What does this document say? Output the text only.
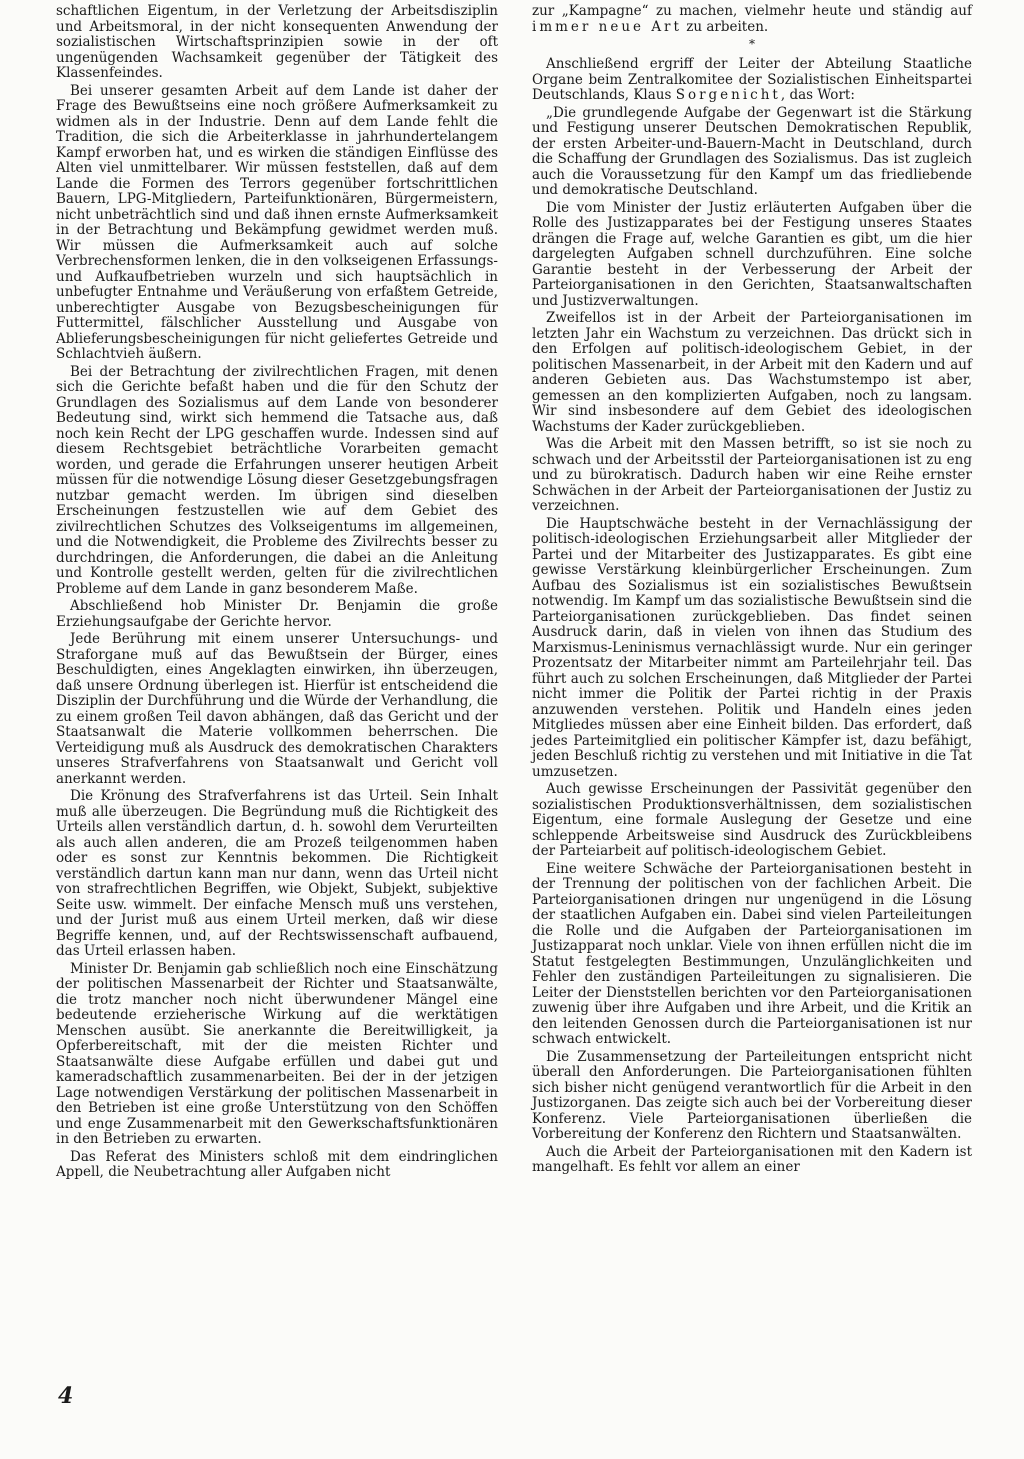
schaftlichen Eigentum, in der Verletzung der Arbeitsdisziplin und Arbeitsmoral, in der nicht konsequenten Anwendung der sozialistischen Wirtschaftsprinzipien sowie in der oft ungenügenden Wachsamkeit gegenüber der Tätigkeit des Klassenfeindes.

Bei unserer gesamten Arbeit auf dem Lande ist daher der Frage des Bewußtseins eine noch größere Aufmerksamkeit zu widmen als in der Industrie. Denn auf dem Lande fehlt die Tradition, die sich die Arbeiterklasse in jahrhundertelangem Kampf erworben hat, und es wirken die ständigen Einflüsse des Alten viel unmittelbarer. Wir müssen feststellen, daß auf dem Lande die Formen des Terrors gegenüber fortschrittlichen Bauern, LPG-Mitgliedern, Parteifunktionären, Bürgermeistern, nicht unbeträchtlich sind und daß ihnen ernste Aufmerksamkeit in der Betrachtung und Bekämpfung gewidmet werden muß. Wir müssen die Aufmerksamkeit auch auf solche Verbrechensformen lenken, die in den volkseigenen Erfassungs- und Aufkaufbetrieben wurzeln und sich hauptsächlich in unbefugter Entnahme und Veräußerung von erfaßtem Getreide, unberechtigter Ausgabe von Bezugsbescheinigungen für Futtermittel, fälschlicher Ausstellung und Ausgabe von Ablieferungsbescheinigungen für nicht geliefertes Getreide und Schlachtvieh äußern.

Bei der Betrachtung der zivilrechtlichen Fragen, mit denen sich die Gerichte befaßt haben und die für den Schutz der Grundlagen des Sozialismus auf dem Lande von besonderer Bedeutung sind, wirkt sich hemmend die Tatsache aus, daß noch kein Recht der LPG geschaffen wurde. Indessen sind auf diesem Rechtsgebiet beträchtliche Vorarbeiten gemacht worden, und gerade die Erfahrungen unserer heutigen Arbeit müssen für die notwendige Lösung dieser Gesetzgebungsfragen nutzbar gemacht werden. Im übrigen sind dieselben Erscheinungen festzustellen wie auf dem Gebiet des zivilrechtlichen Schutzes des Volkseigentums im allgemeinen, und die Notwendigkeit, die Probleme des Zivilrechts besser zu durchdringen, die Anforderungen, die dabei an die Anleitung und Kontrolle gestellt werden, gelten für die zivilrechtlichen Probleme auf dem Lande in ganz besonderem Maße.

Abschließend hob Minister Dr. Benjamin die große Erziehungsaufgabe der Gerichte hervor.

Jede Berührung mit einem unserer Untersuchungs- und Straforgane muß auf das Bewußtsein der Bürger, eines Beschuldigten, eines Angeklagten einwirken, ihn überzeugen, daß unsere Ordnung überlegen ist. Hierfür ist entscheidend die Disziplin der Durchführung und die Würde der Verhandlung, die zu einem großen Teil davon abhängen, daß das Gericht und der Staatsanwalt die Materie vollkommen beherrschen. Die Verteidigung muß als Ausdruck des demokratischen Charakters unseres Strafverfahrens von Staatsanwalt und Gericht voll anerkannt werden.

Die Krönung des Strafverfahrens ist das Urteil. Sein Inhalt muß alle überzeugen. Die Begründung muß die Richtigkeit des Urteils allen verständlich dartun, d. h. sowohl dem Verurteilten als auch allen anderen, die am Prozeß teilgenommen haben oder es sonst zur Kenntnis bekommen. Die Richtigkeit verständlich dartun kann man nur dann, wenn das Urteil nicht von strafrechtlichen Begriffen, wie Objekt, Subjekt, subjektive Seite usw. wimmelt. Der einfache Mensch muß uns verstehen, und der Jurist muß aus einem Urteil merken, daß wir diese Begriffe kennen, und, auf der Rechtswissenschaft aufbauend, das Urteil erlassen haben.

Minister Dr. Benjamin gab schließlich noch eine Einschätzung der politischen Massenarbeit der Richter und Staatsanwälte, die trotz mancher noch nicht überwundener Mängel eine bedeutende erzieherische Wirkung auf die werktätigen Menschen ausübt. Sie anerkannte die Bereitwilligkeit, ja Opferbereitschaft, mit der die meisten Richter und Staatsanwälte diese Aufgabe erfüllen und dabei gut und kameradschaftlich zusammenarbeiten. Bei der in der jetzigen Lage notwendigen Verstärkung der politischen Massenarbeit in den Betrieben ist eine große Unterstützung von den Schöffen und enge Zusammenarbeit mit den Gewerkschaftsfunktionären in den Betrieben zu erwarten.

Das Referat des Ministers schloß mit dem eindringlichen Appell, die Neubetrachtung aller Aufgaben nicht

zur „Kampagne“ zu machen, vielmehr heute und ständig auf immer neue Art zu arbeiten.

*

Anschließend ergriff der Leiter der Abteilung Staatliche Organe beim Zentralkomitee der Sozialistischen Einheitspartei Deutschlands, Klaus Sorgenicht, das Wort:

„Die grundlegende Aufgabe der Gegenwart ist die Stärkung und Festigung unserer Deutschen Demokratischen Republik, der ersten Arbeiter-und-Bauern-Macht in Deutschland, durch die Schaffung der Grundlagen des Sozialismus. Das ist zugleich auch die Voraussetzung für den Kampf um das friedliebende und demokratische Deutschland.

Die vom Minister der Justiz erläuterten Aufgaben über die Rolle des Justizapparates bei der Festigung unseres Staates drängen die Frage auf, welche Garantien es gibt, um die hier dargelegten Aufgaben schnell durchzuführen. Eine solche Garantie besteht in der Verbesserung der Arbeit der Parteiorganisationen in den Gerichten, Staatsanwaltschaften und Justizverwaltungen.

Zweifellos ist in der Arbeit der Parteiorganisationen im letzten Jahr ein Wachstum zu verzeichnen. Das drückt sich in den Erfolgen auf politisch-ideologischem Gebiet, in der politischen Massenarbeit, in der Arbeit mit den Kadern und auf anderen Gebieten aus. Das Wachstumstempo ist aber, gemessen an den komplizierten Aufgaben, noch zu langsam. Wir sind insbesondere auf dem Gebiet des ideologischen Wachstums der Kader zurückgeblieben.

Was die Arbeit mit den Massen betrifft, so ist sie noch zu schwach und der Arbeitsstil der Parteiorganisationen ist zu eng und zu bürokratisch. Dadurch haben wir eine Reihe ernster Schwächen in der Arbeit der Parteiorganisationen der Justiz zu verzeichnen.

Die Hauptschwäche besteht in der Vernachlässigung der politisch-ideologischen Erziehungsarbeit aller Mitglieder der Partei und der Mitarbeiter des Justizapparates. Es gibt eine gewisse Verstärkung kleinbürgerlicher Erscheinungen. Zum Aufbau des Sozialismus ist ein sozialistisches Bewußtsein notwendig. Im Kampf um das sozialistische Bewußtsein sind die Parteiorganisationen zurückgeblieben. Das findet seinen Ausdruck darin, daß in vielen von ihnen das Studium des Marxismus-Leninismus vernachlässigt wurde. Nur ein geringer Prozentsatz der Mitarbeiter nimmt am Parteilehrjahr teil. Das führt auch zu solchen Erscheinungen, daß Mitglieder der Partei nicht immer die Politik der Partei richtig in der Praxis anzuwenden verstehen. Politik und Handeln eines jeden Mitgliedes müssen aber eine Einheit bilden. Das erfordert, daß jedes Parteimitglied ein politischer Kämpfer ist, dazu befähigt, jeden Beschluß richtig zu verstehen und mit Initiative in die Tat umzusetzen.

Auch gewisse Erscheinungen der Passivität gegenüber den sozialistischen Produktionsverhältnissen, dem sozialistischen Eigentum, eine formale Auslegung der Gesetze und eine schleppende Arbeitsweise sind Ausdruck des Zurückbleibens der Parteiarbeit auf politisch-ideologischem Gebiet.

Eine weitere Schwäche der Parteiorganisationen besteht in der Trennung der politischen von der fachlichen Arbeit. Die Parteiorganisationen dringen nur ungenügend in die Lösung der staatlichen Aufgaben ein. Dabei sind vielen Parteileitungen die Rolle und die Aufgaben der Parteiorganisationen im Justizapparat noch unklar. Viele von ihnen erfüllen nicht die im Statut festgelegten Bestimmungen, Unzulänglichkeiten und Fehler den zuständigen Parteileitungen zu signalisieren. Die Leiter der Dienststellen berichten vor den Parteiorganisationen zuwenig über ihre Aufgaben und ihre Arbeit, und die Kritik an den leitenden Genossen durch die Parteiorganisationen ist nur schwach entwickelt.

Die Zusammensetzung der Parteileitungen entspricht nicht überall den Anforderungen. Die Parteiorganisationen fühlten sich bisher nicht genügend verantwortlich für die Arbeit in den Justizorganen. Das zeigte sich auch bei der Vorbereitung dieser Konferenz. Viele Parteiorganisationen überließen die Vorbereitung der Konferenz den Richtern und Staatsanwälten.

Auch die Arbeit der Parteiorganisationen mit den Kadern ist mangelhaft. Es fehlt vor allem an einer

4
